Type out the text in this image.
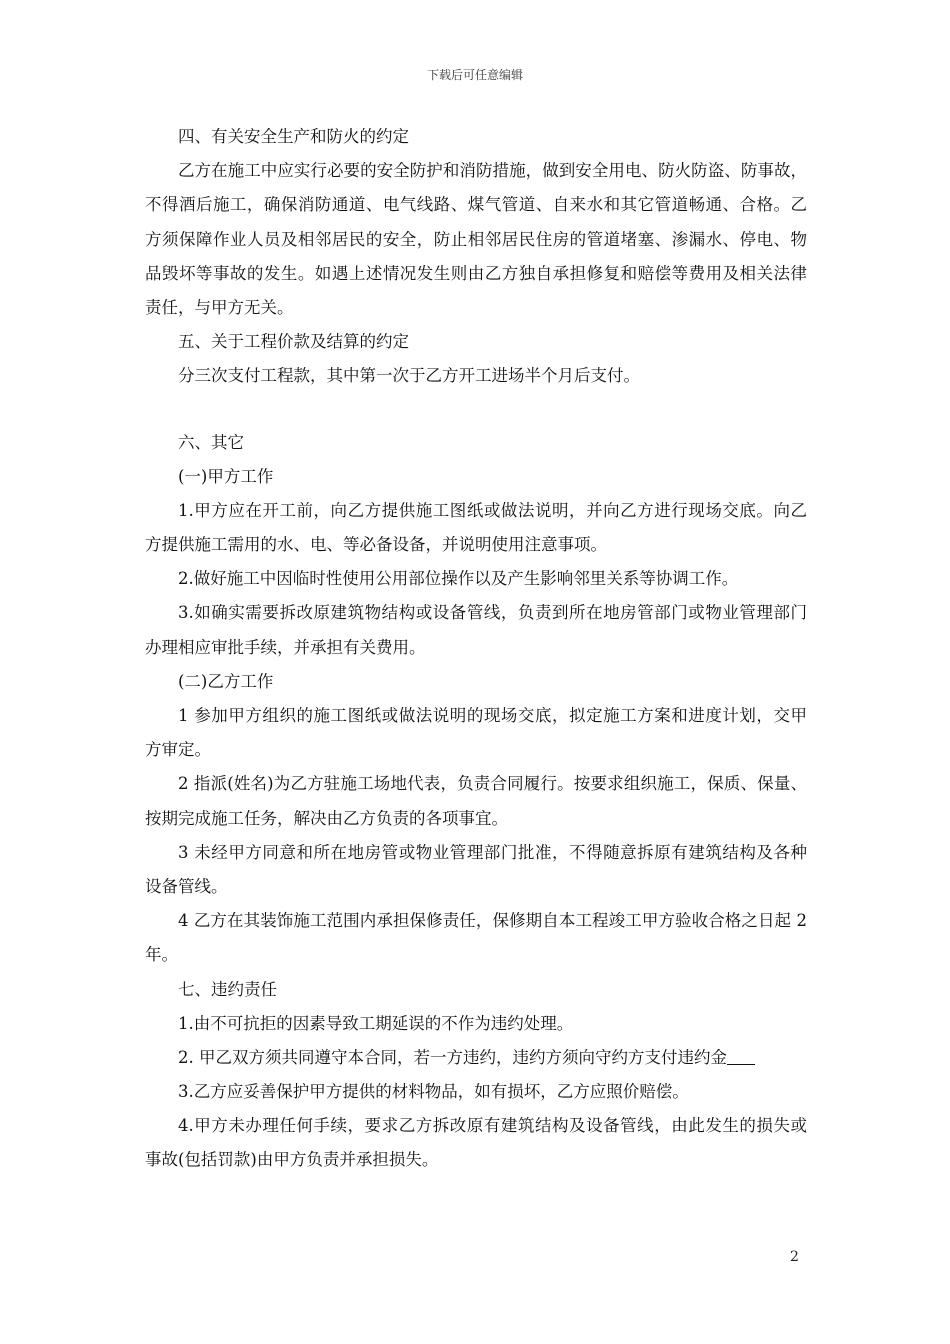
下载后可任意编辑
四、有关安全生产和防火的约定
乙方在施工中应实行必要的安全防护和消防措施，做到安全用电、防火防盗、防事故，
不得酒后施工，确保消防通道、电气线路、煤气管道、自来水和其它管道畅通、合格。乙
方须保障作业人员及相邻居民的安全，防止相邻居民住房的管道堵塞、渗漏水、停电、物
品毁坏等事故的发生。如遇上述情况发生则由乙方独自承担修复和赔偿等费用及相关法律
责任，与甲方无关。
五、关于工程价款及结算的约定
分三次支付工程款，其中第一次于乙方开工进场半个月后支付。
六、其它
(一)甲方工作
1.甲方应在开工前，向乙方提供施工图纸或做法说明，并向乙方进行现场交底。向乙
方提供施工需用的水、电、等必备设备，并说明使用注意事项。
2.做好施工中因临时性使用公用部位操作以及产生影响邻里关系等协调工作。
3.如确实需要拆改原建筑物结构或设备管线，负责到所在地房管部门或物业管理部门
办理相应审批手续，并承担有关费用。
(二)乙方工作
1 参加甲方组织的施工图纸或做法说明的现场交底，拟定施工方案和进度计划，交甲
方审定。
2 指派(姓名)为乙方驻施工场地代表，负责合同履行。按要求组织施工，保质、保量、
按期完成施工任务，解决由乙方负责的各项事宜。
3 未经甲方同意和所在地房管或物业管理部门批准，不得随意拆原有建筑结构及各种
设备管线。
4 乙方在其装饰施工范围内承担保修责任，保修期自本工程竣工甲方验收合格之日起 2
年。
七、违约责任
1.由不可抗拒的因素导致工期延误的不作为违约处理。
2. 甲乙双方须共同遵守本合同，若一方违约，违约方须向守约方支付违约金
3.乙方应妥善保护甲方提供的材料物品，如有损坏，乙方应照价赔偿。
4.甲方未办理任何手续，要求乙方拆改原有建筑结构及设备管线，由此发生的损失或
事故(包括罚款)由甲方负责并承担损失。
2
